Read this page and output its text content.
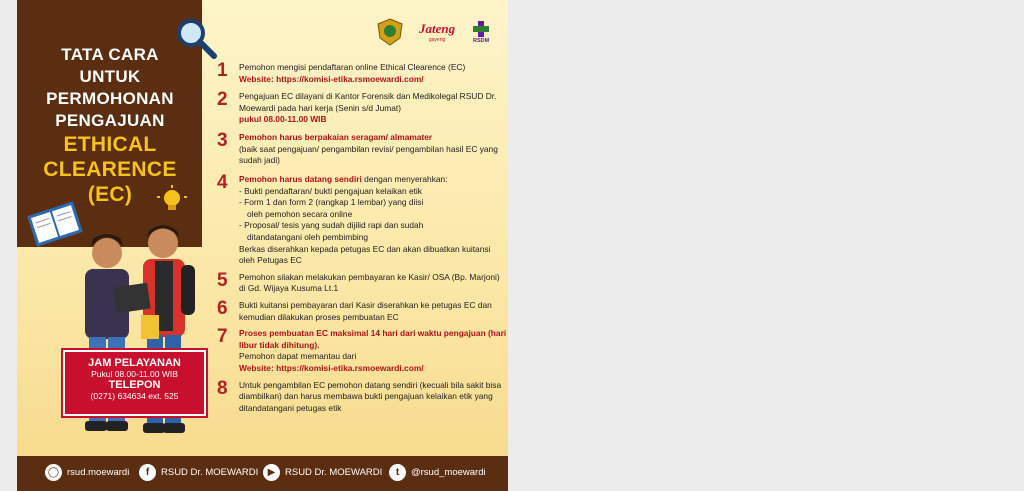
TATA CARA
UNTUK
PERMOHONAN
PENGAJUAN
ETHICAL
CLEARENCE
(EC)
JAM PELAYANAN
Pukul 08.00-11.00 WIB
TELEPON
(0271) 634634 ext. 525
Jateng
gayeng	RSDM
1 Pemohon mengisi pendaftaran online Ethical Clearence (EC)
Website: https://komisi-etika.rsmoewardi.com/
2 Pengajuan EC dilayani di Kantor Forensik dan Medikolegal RSUD Dr. Moewardi pada hari kerja (Senin s/d Jumat)
pukul 08.00-11.00 WIB
3 Pemohon harus berpakaian seragam/ almamater
(baik saat pengajuan/ pengambilan revisi/ pengambilan hasil EC yang sudah jadi)
4 Pemohon harus datang sendiri dengan menyerahkan:
- Bukti pendaftaran/ bukti pengajuan kelaikan etik
- Form 1 dan form 2 (rangkap 1 lembar) yang diisi
oleh pemohon secara online
- Proposal/ tesis yang sudah dijilid rapi dan sudah
ditandatangani oleh pembimbing
Berkas diserahkan kepada petugas EC dan akan dibuatkan kuitansi oleh Petugas EC
5 Pemohon silakan melakukan pembayaran ke Kasir/ OSA (Bp. Marjoni) di Gd. Wijaya Kusuma Lt.1
6 Bukti kuitansi pembayaran dari Kasir diserahkan ke petugas EC dan kemudian dilakukan proses pembuatan EC
7 Proses pembuatan EC maksimal 14 hari dari waktu pengajuan (hari libur tidak dihitung).
Pemohon dapat memantau dari
Website: https://komisi-etika.rsmoewardi.com/
8 Untuk pengambilan EC pemohon datang sendiri (kecuali bila sakit bisa diambilkan) dan harus membawa bukti pengajuan kelaikan etik yang ditandatangani petugas etik
◯ rsud.moewardi	f	RSUD Dr. MOEWARDI ▶	RSUD Dr. MOEWARDI	t	@rsud_moewardi
